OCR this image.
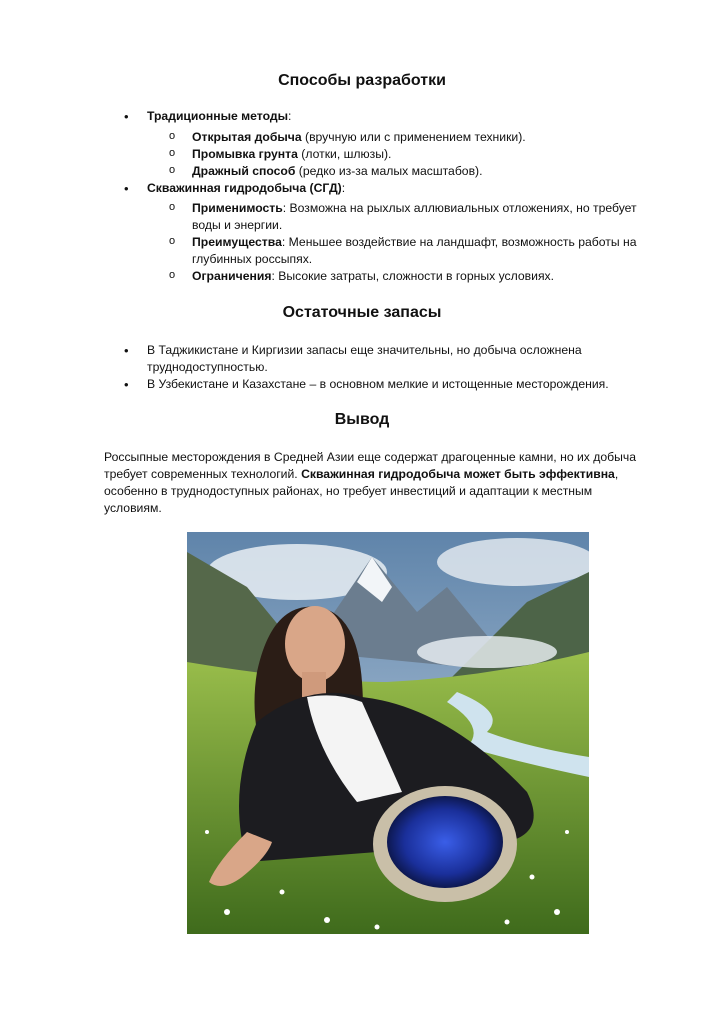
Способы разработки
• Традиционные методы:
o Открытая добыча (вручную или с применением техники).
o Промывка грунта (лотки, шлюзы).
o Дражный способ (редко из-за малых масштабов).
• Скважинная гидродобыча (СГД):
o Применимость: Возможна на рыхлых аллювиальных отложениях, но требует
воды и энергии.
o Преимущества: Меньшее воздействие на ландшафт, возможность работы на
глубинных россыпях.
o Ограничения: Высокие затраты, сложности в горных условиях.
Остаточные запасы
• В Таджикистане и Киргизии запасы еще значительны, но добыча осложнена
труднодоступностью.
• В Узбекистане и Казахстане – в основном мелкие и истощенные месторождения.
Вывод

Россыпные месторождения в Средней Азии еще содержат драгоценные камни, но их добыча
требует современных технологий. Скважинная гидродобыча может быть эффективна,
особенно в труднодоступных районах, но требует инвестиций и адаптации к местным
условиям.
